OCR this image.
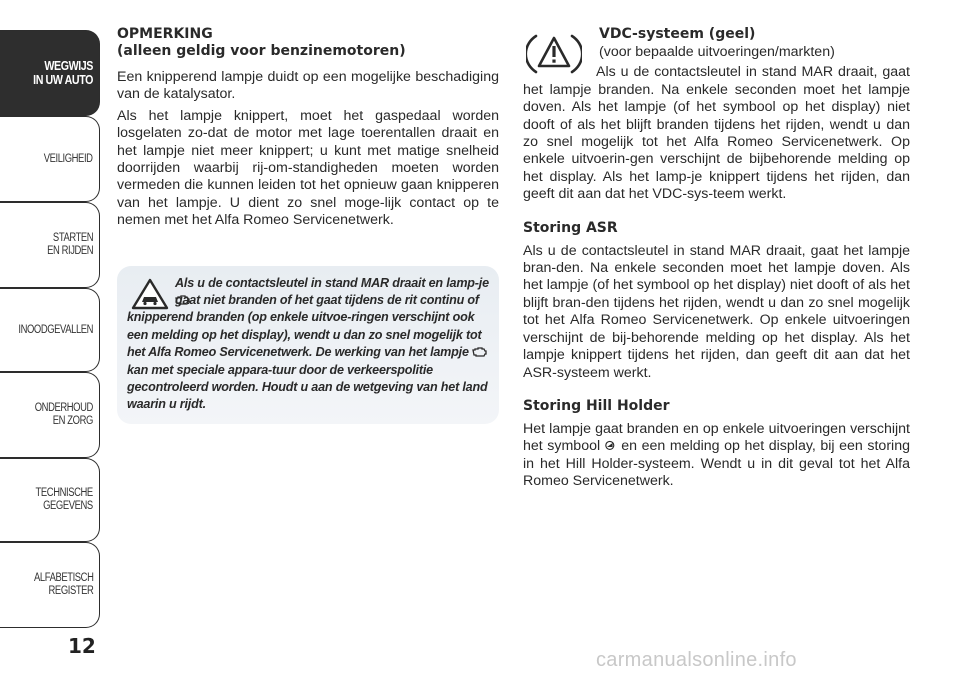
WEGWIJS
IN UW AUTO
VEILIGHEID
STARTEN
EN RIJDEN
INOODGEVALLEN
ONDERHOUD
EN ZORG
TECHNISCHE
GEGEVENS
ALFABETISCH
REGISTER
12

OPMERKING

(alleen geldig voor benzinemotoren)

Een knipperend lampje duidt op een mogelijke beschadiging van de katalysator.

Als het lampje knippert, moet het gaspedaal worden losgelaten zo-dat de motor met lage toerentallen draait en het lampje niet meer knippert; u kunt met matige snelheid doorrijden waarbij rij-om-standigheden moeten worden vermeden die kunnen leiden tot het opnieuw gaan knipperen van het lampje. U dient zo snel moge-lijk contact op te nemen met het Alfa Romeo Servicenetwerk.

Als u de contactsleutel in stand MAR draait en lamp-je

gaat niet branden of het gaat tijdens de rit continu of knipperend branden (op enkele uitvoe-ringen verschijnt ook een melding op het display), wendt u dan zo snel mogelijk tot het Alfa Romeo Servicenetwerk. De werking van het lampje  kan met speciale appara-tuur door de verkeerspolitie gecontroleerd worden. Houdt u aan de wetgeving van het land waarin u rijdt.

VDC-systeem (geel)

(voor bepaalde uitvoeringen/markten)

Als u de contactsleutel in stand MAR draait, gaat het lampje branden. Na enkele seconden moet het lampje doven. Als het lampje (of het symbool op het display) niet dooft of als het blijft branden tijdens het rijden, wendt u dan zo snel mogelijk tot het Alfa Romeo Servicenetwerk. Op enkele uitvoerin-gen verschijnt de bijbehorende melding op het display. Als het lamp-je knippert tijdens het rijden, dan geeft dit aan dat het VDC-sys-teem werkt.

Storing ASR

Als u de contactsleutel in stand MAR draait, gaat het lampje bran-den. Na enkele seconden moet het lampje doven. Als het lampje (of het symbool op het display) niet dooft of als het blijft bran-den tijdens het rijden, wendt u dan zo snel mogelijk tot het Alfa Romeo Servicenetwerk. Op enkele uitvoeringen verschijnt de bij-behorende melding op het display. Als het lampje knippert tijdens het rijden, dan geeft dit aan dat het ASR-systeem werkt.

Storing Hill Holder

Het lampje gaat branden en op enkele uitvoeringen verschijnt het symbool en een melding op het display, bij een storing in het Hill Holder-systeem. Wendt u in dit geval tot het Alfa Romeo Servicenetwerk.

carmanualsonline.info
